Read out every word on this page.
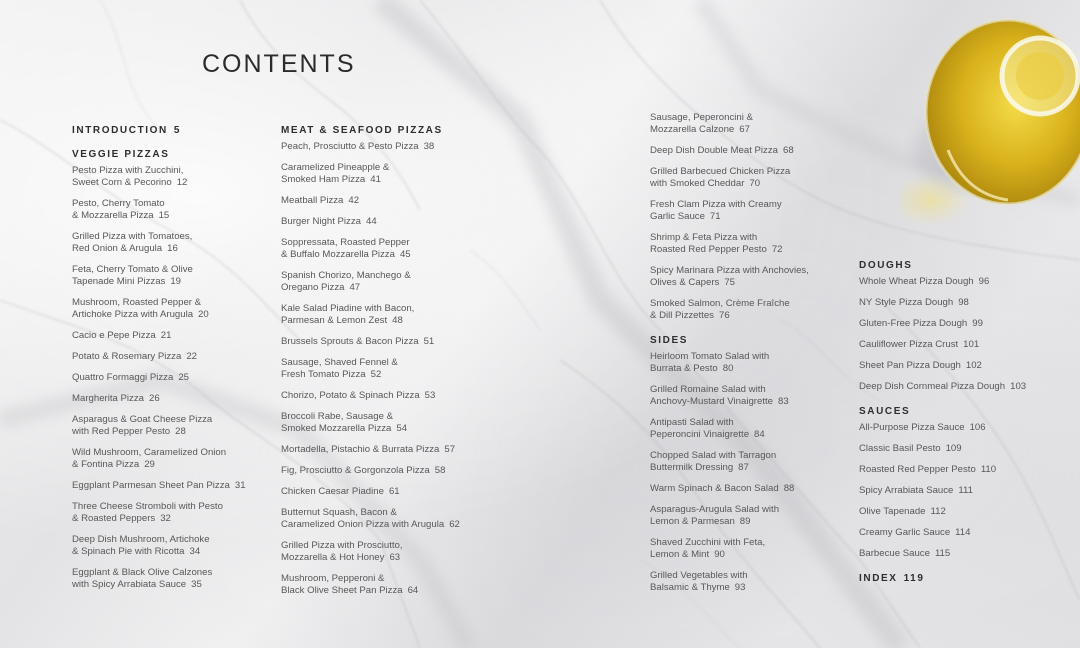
CONTENTS
INTRODUCTION 5
VEGGIE PIZZAS
Pesto Pizza with Zucchini,
Sweet Corn & Pecorino 12
Pesto, Cherry Tomato
& Mozzarella Pizza 15
Grilled Pizza with Tomatoes,
Red Onion & Arugula 16
Feta, Cherry Tomato & Olive
Tapenade Mini Pizzas 19
Mushroom, Roasted Pepper &
Artichoke Pizza with Arugula 20
Cacio e Pepe Pizza 21
Potato & Rosemary Pizza 22
Quattro Formaggi Pizza 25
Margherita Pizza 26
Asparagus & Goat Cheese Pizza
with Red Pepper Pesto 28
Wild Mushroom, Caramelized Onion
& Fontina Pizza 29
Eggplant Parmesan Sheet Pan Pizza 31
Three Cheese Stromboli with Pesto
& Roasted Peppers 32
Deep Dish Mushroom, Artichoke
& Spinach Pie with Ricotta 34
Eggplant & Black Olive Calzones
with Spicy Arrabiata Sauce 35
MEAT & SEAFOOD PIZZAS
Peach, Prosciutto & Pesto Pizza 38
Caramelized Pineapple &
Smoked Ham Pizza 41
Meatball Pizza 42
Burger Night Pizza 44
Soppressata, Roasted Pepper
& Buffalo Mozzarella Pizza 45
Spanish Chorizo, Manchego &
Oregano Pizza 47
Kale Salad Piadine with Bacon,
Parmesan & Lemon Zest 48
Brussels Sprouts & Bacon Pizza 51
Sausage, Shaved Fennel &
Fresh Tomato Pizza 52
Chorizo, Potato & Spinach Pizza 53
Broccoli Rabe, Sausage &
Smoked Mozzarella Pizza 54
Mortadella, Pistachio & Burrata Pizza 57
Fig, Prosciutto & Gorgonzola Pizza 58
Chicken Caesar Piadine 61
Butternut Squash, Bacon &
Caramelized Onion Pizza with Arugula 62
Grilled Pizza with Prosciutto,
Mozzarella & Hot Honey 63
Mushroom, Pepperoni &
Black Olive Sheet Pan Pizza 64
Sausage, Peperoncini &
Mozzarella Calzone 67
Deep Dish Double Meat Pizza 68
Grilled Barbecued Chicken Pizza
with Smoked Cheddar 70
Fresh Clam Pizza with Creamy
Garlic Sauce 71
Shrimp & Feta Pizza with
Roasted Red Pepper Pesto 72
Spicy Marinara Pizza with Anchovies,
Olives & Capers 75
Smoked Salmon, Crème Fraîche
& Dill Pizzettes 76
SIDES
Heirloom Tomato Salad with
Burrata & Pesto 80
Grilled Romaine Salad with
Anchovy-Mustard Vinaigrette 83
Antipasti Salad with
Peperoncini Vinaigrette 84
Chopped Salad with Tarragon
Buttermilk Dressing 87
Warm Spinach & Bacon Salad 88
Asparagus-Arugula Salad with
Lemon & Parmesan 89
Shaved Zucchini with Feta,
Lemon & Mint 90
Grilled Vegetables with
Balsamic & Thyme 93
DOUGHS
Whole Wheat Pizza Dough 96
NY Style Pizza Dough 98
Gluten-Free Pizza Dough 99
Cauliflower Pizza Crust 101
Sheet Pan Pizza Dough 102
Deep Dish Cornmeal Pizza Dough 103
SAUCES
All-Purpose Pizza Sauce 106
Classic Basil Pesto 109
Roasted Red Pepper Pesto 110
Spicy Arrabiata Sauce 111
Olive Tapenade 112
Creamy Garlic Sauce 114
Barbecue Sauce 115
INDEX 119
